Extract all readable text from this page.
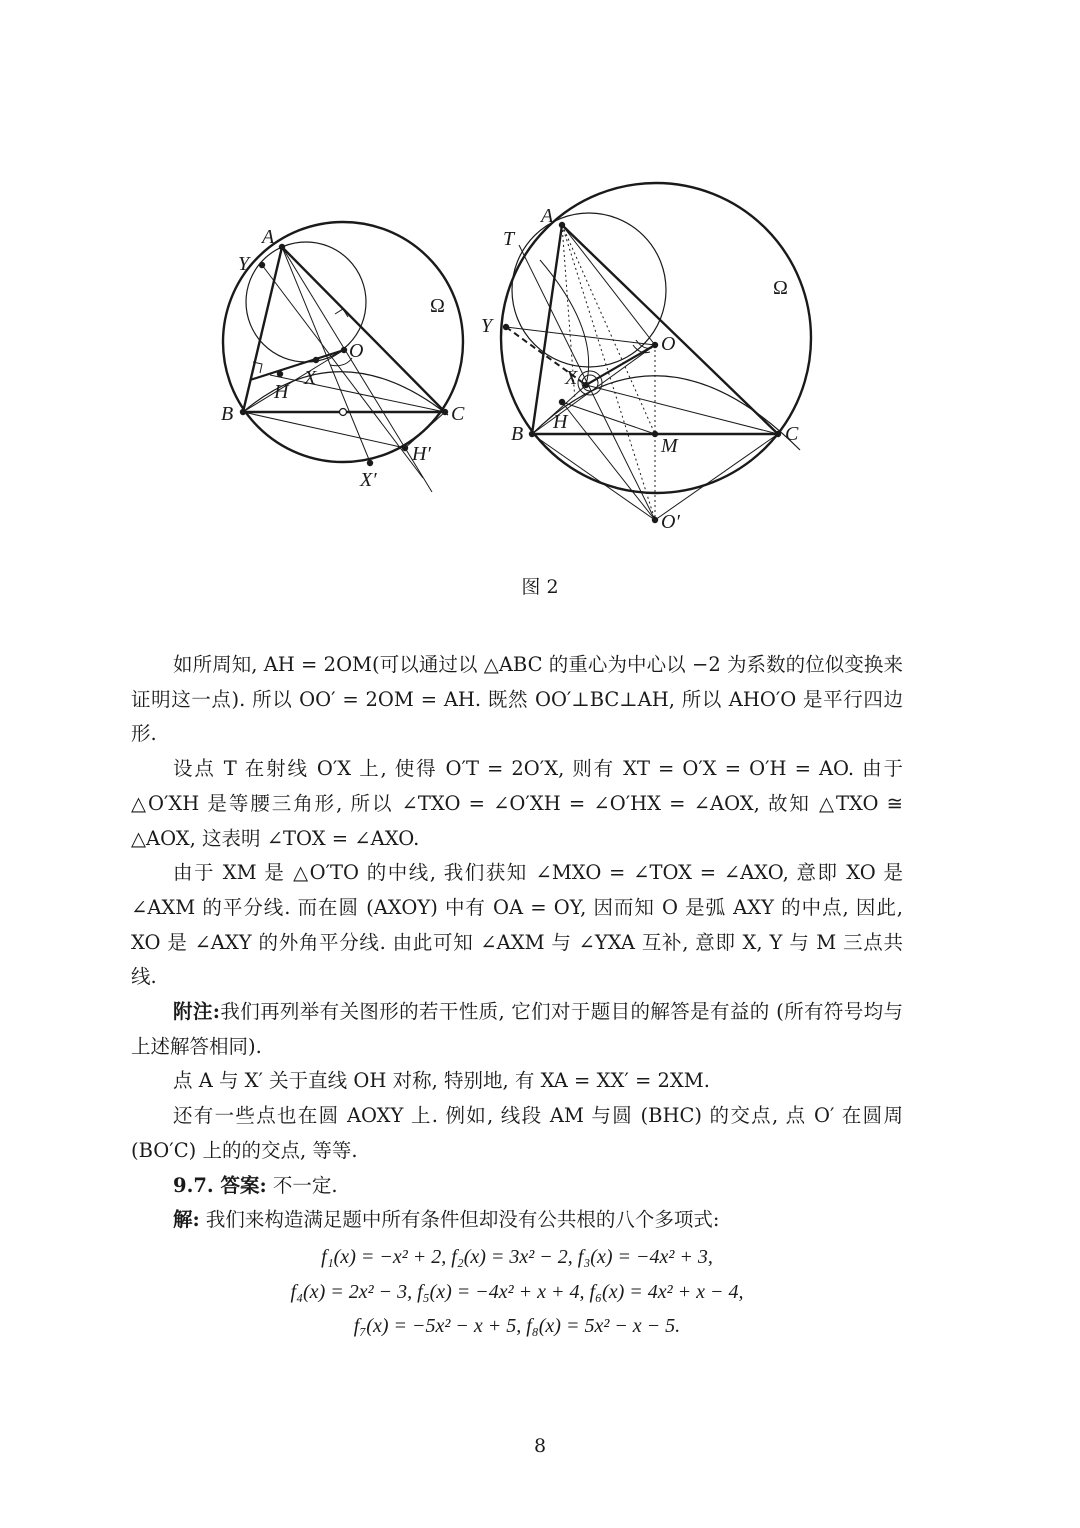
A
Y
Ω
O
X
H
B	C
H′
X′
A
T
Ω
Y
O
X
H
B
M
C
O′
图 2

如所周知, AH = 2OM(可以通过以 △ABC 的重心为中心以 −2 为系数的位似变换来证明这一点). 所以 OO′ = 2OM = AH. 既然 OO′⊥BC⊥AH, 所以 AHO′O 是平行四边形.

设点 T 在射线 O′X 上, 使得 O′T = 2O′X, 则有 XT = O′X = O′H = AO. 由于 △O′XH 是等腰三角形, 所以 ∠TXO = ∠O′XH = ∠O′HX = ∠AOX, 故知 △TXO ≅ △AOX, 这表明 ∠TOX = ∠AXO.

由于 XM 是 △O′TO 的中线, 我们获知 ∠MXO = ∠TOX = ∠AXO, 意即 XO 是 ∠AXM 的平分线. 而在圆 (AXOY) 中有 OA = OY, 因而知 O 是弧 AXY 的中点, 因此, XO 是 ∠AXY 的外角平分线. 由此可知 ∠AXM 与 ∠YXA 互补, 意即 X, Y 与 M 三点共线.

附注:我们再列举有关图形的若干性质, 它们对于题目的解答是有益的 (所有符号均与上述解答相同).

点 A 与 X′ 关于直线 OH 对称, 特别地, 有 XA = XX′ = 2XM.

还有一些点也在圆 AOXY 上. 例如, 线段 AM 与圆 (BHC) 的交点, 点 O′ 在圆周 (BO′C) 上的的交点, 等等.

9.7. 答案: 不一定.

解: 我们来构造满足题中所有条件但却没有公共根的八个多项式:

f₁(x) = −x² + 2, f₂(x) = 3x² − 2, f₃(x) = −4x² + 3,
f₄(x) = 2x² − 3, f₅(x) = −4x² + x + 4, f₆(x) = 4x² + x − 4,
f₇(x) = −5x² − x + 5, f₈(x) = 5x² − x − 5.
8
